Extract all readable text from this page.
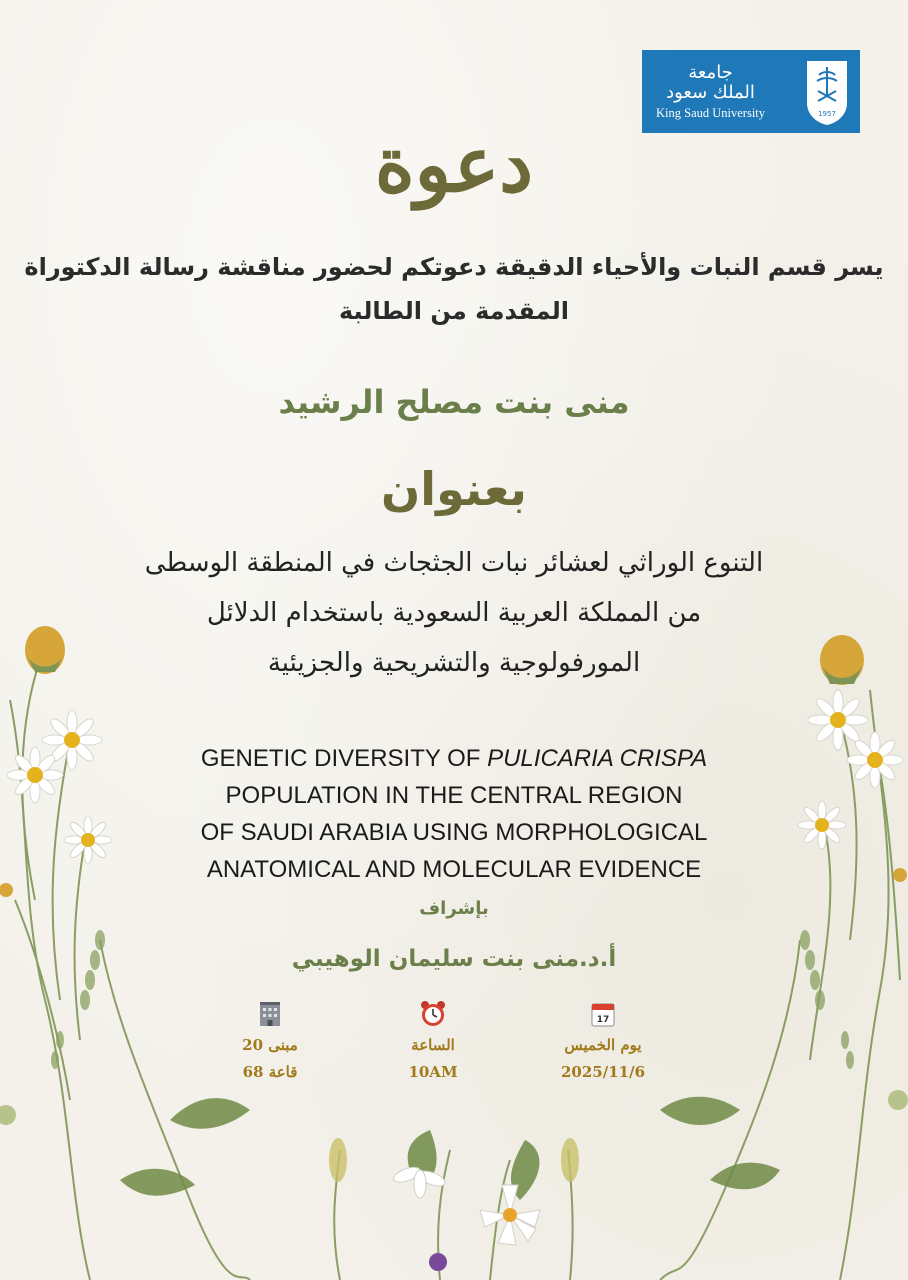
جامعة
الملك سعود
King Saud University	1957
دعوة
يسر قسم النبات والأحياء الدقيقة دعوتكم لحضور مناقشة رسالة الدكتوراة
المقدمة من الطالبة
منى بنت مصلح الرشيد
بعنوان
التنوع الوراثي لعشائر نبات الجثجاث في المنطقة الوسطى
من المملكة العربية السعودية باستخدام الدلائل
المورفولوجية والتشريحية والجزيئية
GENETIC DIVERSITY OF PULICARIA CRISPA
POPULATION IN THE CENTRAL REGION
OF SAUDI ARABIA USING MORPHOLOGICAL
ANATOMICAL AND MOLECULAR EVIDENCE
بإشراف
أ.د.منى بنت سليمان الوهيبي
مبنى 20
قاعة 68
الساعة
10AM
17
يوم الخميس
2025/11/6
